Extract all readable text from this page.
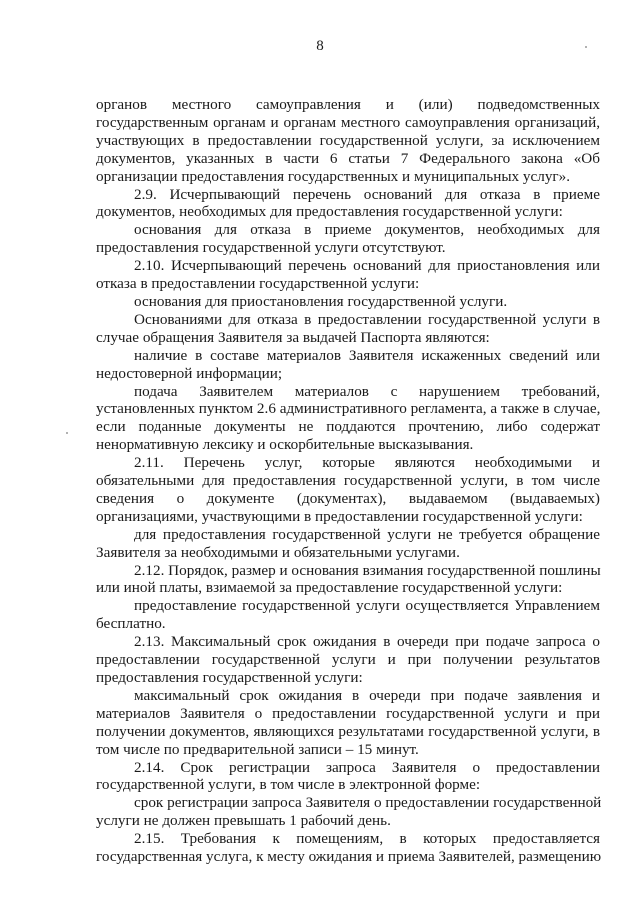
8
органов местного самоуправления и (или) подведомственных
государственным органам и органам местного самоуправления организаций,
участвующих в предоставлении государственной услуги, за исключением
документов, указанных в части 6 статьи 7 Федерального закона «Об
организации предоставления государственных и муниципальных услуг».
2.9. Исчерпывающий перечень оснований для отказа в приеме
документов, необходимых для предоставления государственной услуги:
основания для отказа в приеме документов, необходимых для
предоставления государственной услуги отсутствуют.
2.10. Исчерпывающий перечень оснований для приостановления или
отказа в предоставлении государственной услуги:
основания для приостановления государственной услуги.
Основаниями для отказа в предоставлении государственной услуги в
случае обращения Заявителя за выдачей Паспорта являются:
наличие в составе материалов Заявителя искаженных сведений или
недостоверной информации;
подача Заявителем материалов с нарушением требований,
установленных пунктом 2.6 административного регламента, а также в случае,
если поданные документы не поддаются прочтению, либо содержат
ненормативную лексику и оскорбительные высказывания.
2.11. Перечень услуг, которые являются необходимыми и
обязательными для предоставления государственной услуги, в том числе
сведения о документе (документах), выдаваемом (выдаваемых)
организациями, участвующими в предоставлении государственной услуги:
для предоставления государственной услуги не требуется обращение
Заявителя за необходимыми и обязательными услугами.
2.12. Порядок, размер и основания взимания государственной пошлины
или иной платы, взимаемой за предоставление государственной услуги:
предоставление государственной услуги осуществляется Управлением
бесплатно.
2.13. Максимальный срок ожидания в очереди при подаче запроса о
предоставлении государственной услуги и при получении результатов
предоставления государственной услуги:
максимальный срок ожидания в очереди при подаче заявления и
материалов Заявителя о предоставлении государственной услуги и при
получении документов, являющихся результатами государственной услуги, в
том числе по предварительной записи – 15 минут.
2.14. Срок регистрации запроса Заявителя о предоставлении
государственной услуги, в том числе в электронной форме:
срок регистрации запроса Заявителя о предоставлении государственной
услуги не должен превышать 1 рабочий день.
2.15. Требования к помещениям, в которых предоставляется
государственная услуга, к месту ожидания и приема Заявителей, размещению
